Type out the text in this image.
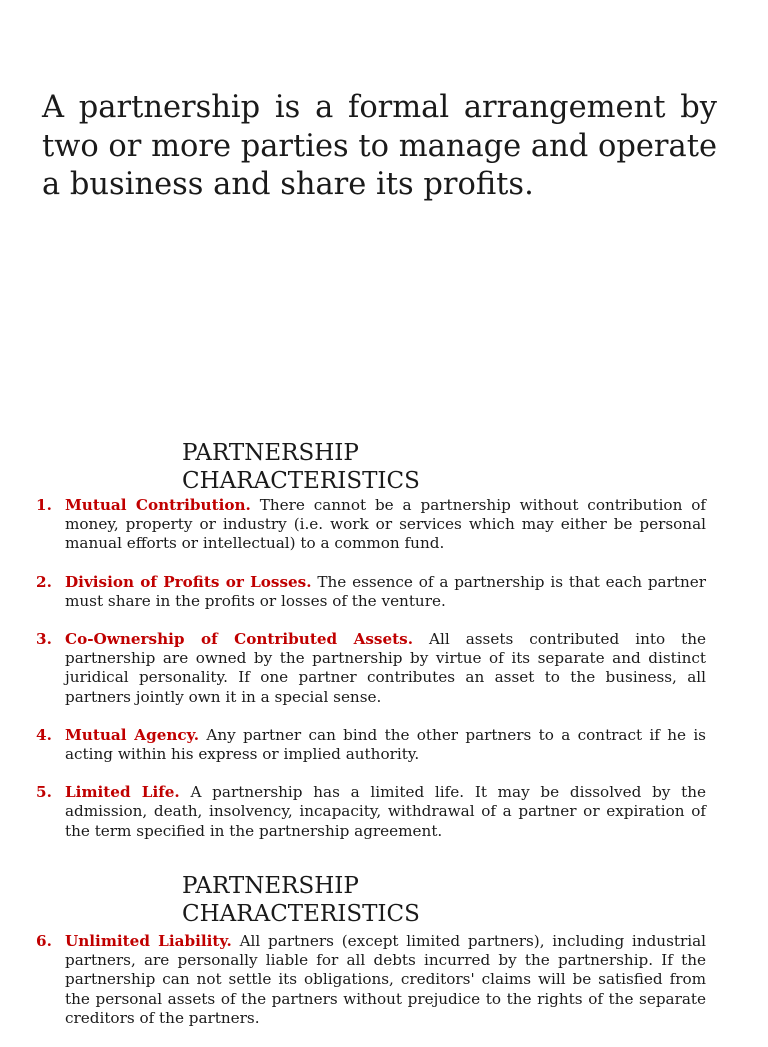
A partnership is a formal arrangement by two or more parties to manage and operate a business and share its profits.

PARTNERSHIP
CHARACTERISTICS
1. Mutual Contribution. There cannot be a partnership without contribution of money, property or industry (i.e. work or services which may either be personal manual efforts or intellectual) to a common fund.
2. Division of Profits or Losses. The essence of a partnership is that each partner must share in the profits or losses of the venture.
3. Co-Ownership of Contributed Assets. All assets contributed into the partnership are owned by the partnership by virtue of its separate and distinct juridical personality. If one partner contributes an asset to the business, all partners jointly own it in a special sense.
4. Mutual Agency. Any partner can bind the other partners to a contract if he is acting within his express or implied authority.
5. Limited Life. A partnership has a limited life. It may be dissolved by the admission, death, insolvency, incapacity, withdrawal of a partner or expiration of the term specified in the partnership agreement.
PARTNERSHIP
CHARACTERISTICS
6. Unlimited Liability. All partners (except limited partners), including industrial partners, are personally liable for all debts incurred by the partnership. If the partnership can not settle its obligations, creditors' claims will be satisfied from the personal assets of the partners without prejudice to the rights of the separate creditors of the partners.
